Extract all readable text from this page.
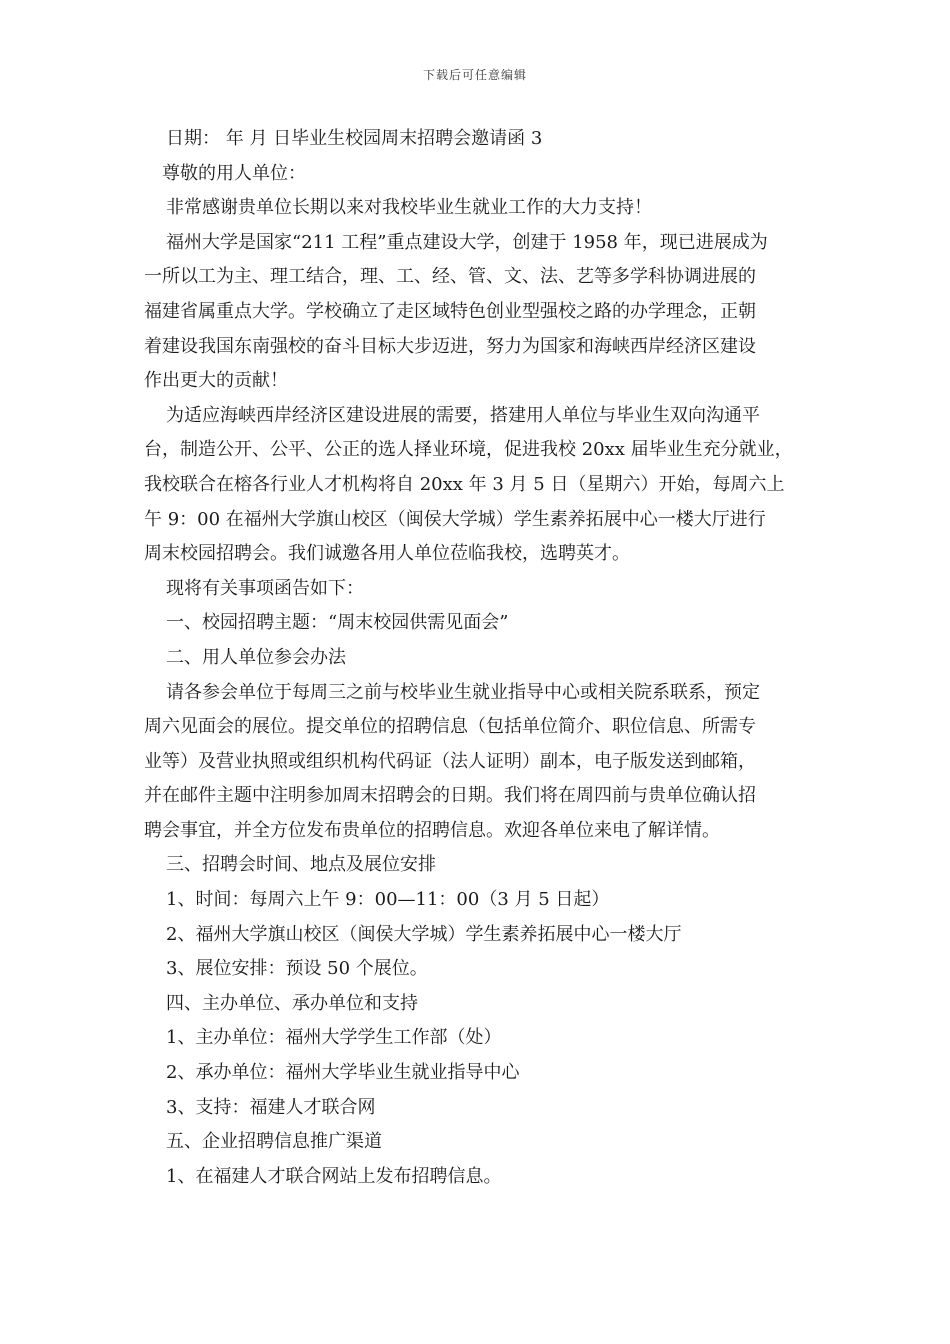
下载后可任意编辑
日期： 年 月 日毕业生校园周末招聘会邀请函 3
尊敬的用人单位：
非常感谢贵单位长期以来对我校毕业生就业工作的大力支持！
福州大学是国家“211 工程”重点建设大学，创建于 1958 年，现已进展成为
一所以工为主、理工结合，理、工、经、管、文、法、艺等多学科协调进展的
福建省属重点大学。学校确立了走区域特色创业型强校之路的办学理念，正朝
着建设我国东南强校的奋斗目标大步迈进，努力为国家和海峡西岸经济区建设
作出更大的贡献！
为适应海峡西岸经济区建设进展的需要，搭建用人单位与毕业生双向沟通平
台，制造公开、公平、公正的选人择业环境，促进我校 20xx 届毕业生充分就业，
我校联合在榕各行业人才机构将自 20xx 年 3 月 5 日（星期六）开始，每周六上
午 9：00 在福州大学旗山校区（闽侯大学城）学生素养拓展中心一楼大厅进行
周末校园招聘会。我们诚邀各用人单位莅临我校，选聘英才。
现将有关事项函告如下：
一、校园招聘主题：“周末校园供需见面会”
二、用人单位参会办法
请各参会单位于每周三之前与校毕业生就业指导中心或相关院系联系，预定
周六见面会的展位。提交单位的招聘信息（包括单位简介、职位信息、所需专
业等）及营业执照或组织机构代码证（法人证明）副本，电子版发送到邮箱，
并在邮件主题中注明参加周末招聘会的日期。我们将在周四前与贵单位确认招
聘会事宜，并全方位发布贵单位的招聘信息。欢迎各单位来电了解详情。
三、招聘会时间、地点及展位安排
1、时间：每周六上午 9：00—11：00（3 月 5 日起）
2、福州大学旗山校区（闽侯大学城）学生素养拓展中心一楼大厅
3、展位安排：预设 50 个展位。
四、主办单位、承办单位和支持
1、主办单位：福州大学学生工作部（处）
2、承办单位：福州大学毕业生就业指导中心
3、支持：福建人才联合网
五、企业招聘信息推广渠道
1、在福建人才联合网站上发布招聘信息。
